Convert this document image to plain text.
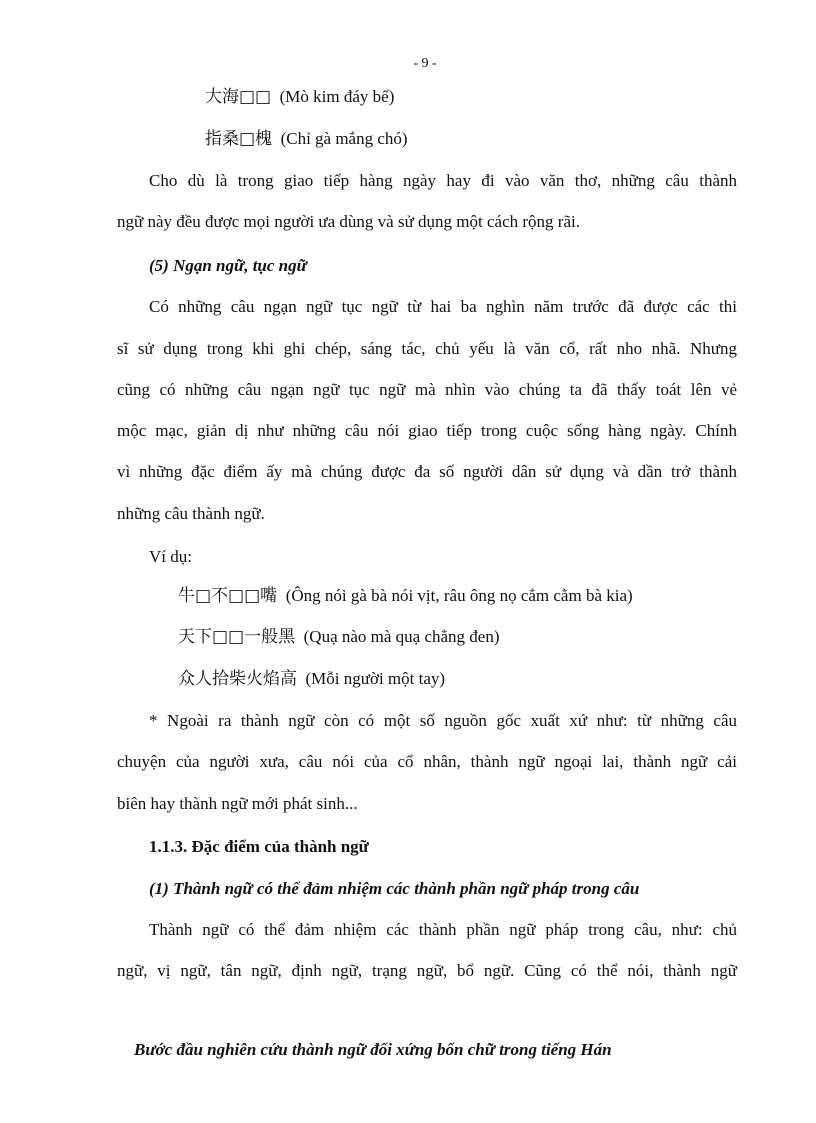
- 9 -
大海□□ (Mò kim đáy bể)
指桑□槐 (Chỉ gà mắng chó)
Cho dù là trong giao tiếp hàng ngày hay đi vào văn thơ, những câu thành
ngữ này đều được mọi người ưa dùng và sử dụng một cách rộng rãi.
(5) Ngạn ngữ, tục ngữ
Có những câu ngạn ngữ tục ngữ từ hai ba nghìn năm trước đã được các thi
sĩ sử dụng trong khi ghi chép, sáng tác, chủ yếu là văn cổ, rất nho nhã. Nhưng
cũng có những câu ngạn ngữ tục ngữ mà nhìn vào chúng ta đã thấy toát lên vẻ
mộc mạc, giản dị như những câu nói giao tiếp trong cuộc sống hàng ngày. Chính
vì những đặc điểm ấy mà chúng được đa số người dân sử dụng và dần trở thành
những câu thành ngữ.
Ví dụ:
牛□不□□嘴 (Ông nói gà bà nói vịt, râu ông nọ cắm cằm bà kia)
天下□□一般黑 (Quạ nào mà quạ chẳng đen)
众人拾柴火焰高 (Mỗi người một tay)
* Ngoài ra thành ngữ còn có một số nguồn gốc xuất xứ như: từ những câu
chuyện của người xưa, câu nói của cổ nhân, thành ngữ ngoại lai, thành ngữ cải
biên hay thành ngữ mới phát sinh...
1.1.3. Đặc điểm của thành ngữ
(1) Thành ngữ có thể đảm nhiệm các thành phần ngữ pháp trong câu
Thành ngữ có thể đảm nhiệm các thành phần ngữ pháp trong câu, như: chủ
ngữ, vị ngữ, tân ngữ, định ngữ, trạng ngữ, bổ ngữ. Cũng có thể nói, thành ngữ
Bước đầu nghiên cứu thành ngữ đối xứng bốn chữ trong tiếng Hán
